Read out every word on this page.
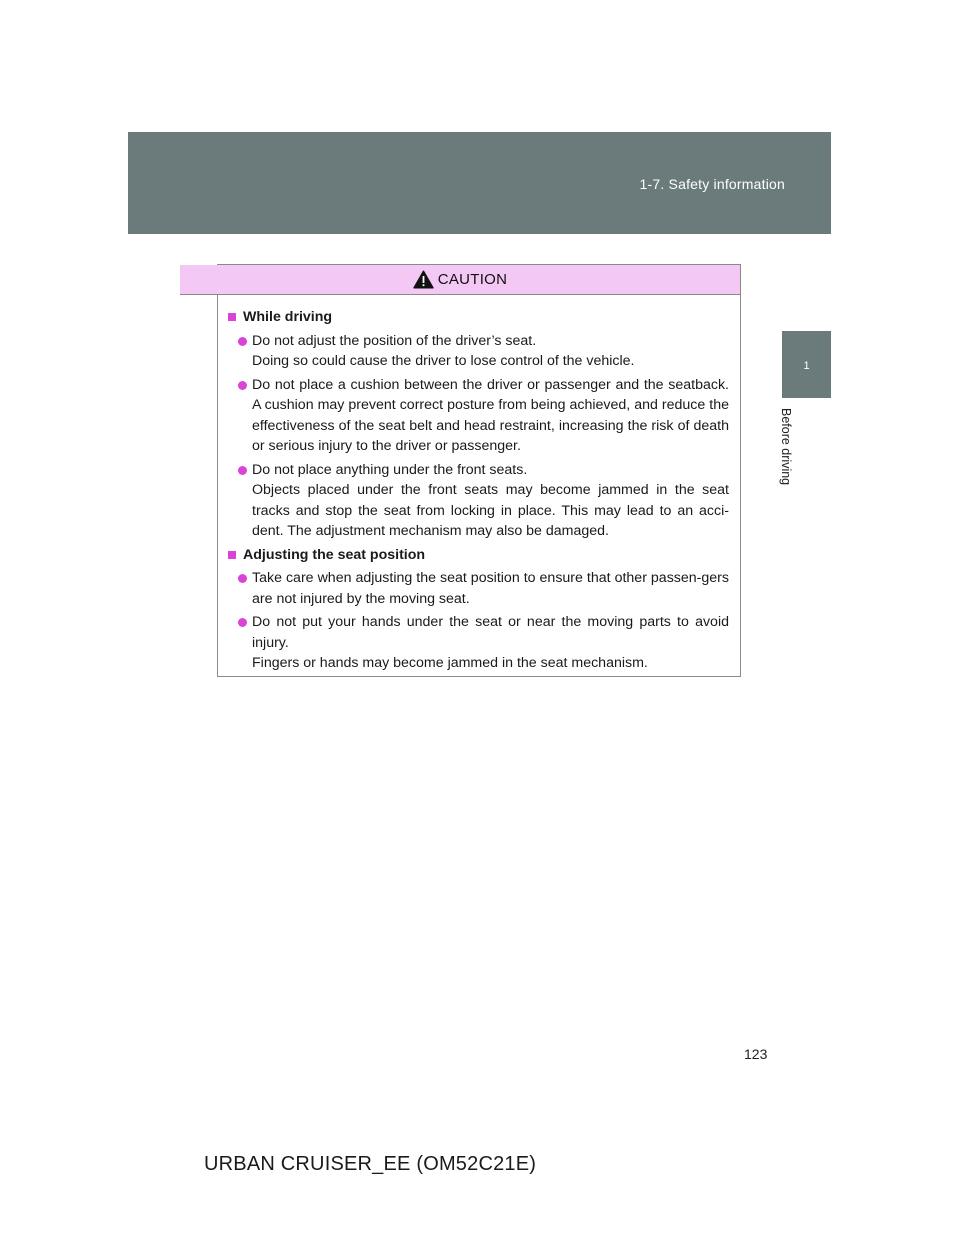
1-7. Safety information
1
Before driving
CAUTION
While driving
Do not adjust the position of the driver’s seat.
Doing so could cause the driver to lose control of the vehicle.
Do not place a cushion between the driver or passenger and the seatback. A cushion may prevent correct posture from being achieved, and reduce the effectiveness of the seat belt and head restraint, increasing the risk of death or serious injury to the driver or passenger.
Do not place anything under the front seats.
Objects placed under the front seats may become jammed in the seat tracks and stop the seat from locking in place. This may lead to an acci-dent. The adjustment mechanism may also be damaged.
Adjusting the seat position
Take care when adjusting the seat position to ensure that other passen-gers are not injured by the moving seat.
Do not put your hands under the seat or near the moving parts to avoid injury.
Fingers or hands may become jammed in the seat mechanism.
123
URBAN CRUISER_EE (OM52C21E)
